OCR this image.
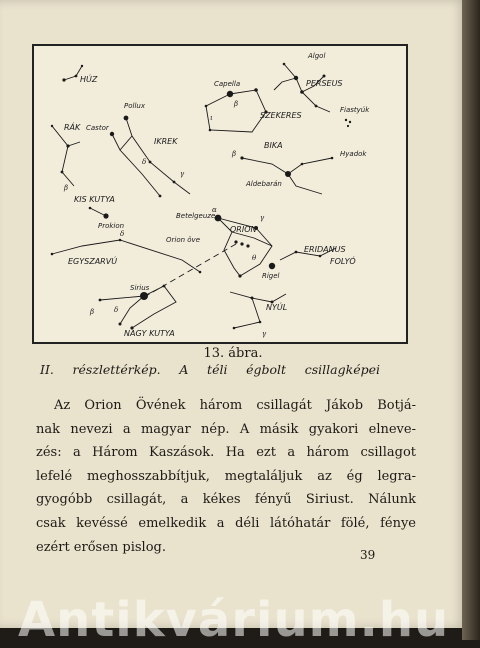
HÚZ
Algol
PERSEUS
Capella
SZEKERES
β
ι
Fiastyúk
BIKA
Hyadok
Aldebarán
β
RÁK
β
Pollux
Castor
IKREK
γ
δ
KIS KUTYA
Prokion
Betelgeuze
ORION
Orion öve
Rigel
α
γ
θ
ERIDANUS
FOLYÓ
EGYSZARVÚ
δ
Sirius
NAGY KUTYA
β	δ	NYÚL
γ
13. ábra.
II. részlettérkép. A téli égbolt csillagképei
Az Orion Övének három csillagát Jákob Botjá-
nak nevezi a magyar nép. A másik gyakori elneve-
zés: a Három Kaszások. Ha ezt a három csillagot
lefelé meghosszabbítjuk, megtaláljuk az ég legra-
gyogóbb csillagát, a kékes fényű Siriust. Nálunk
csak kevéssé emelkedik a déli látóhatár fölé, fénye
ezért erősen pislog.
39
Antikvárium.hu
